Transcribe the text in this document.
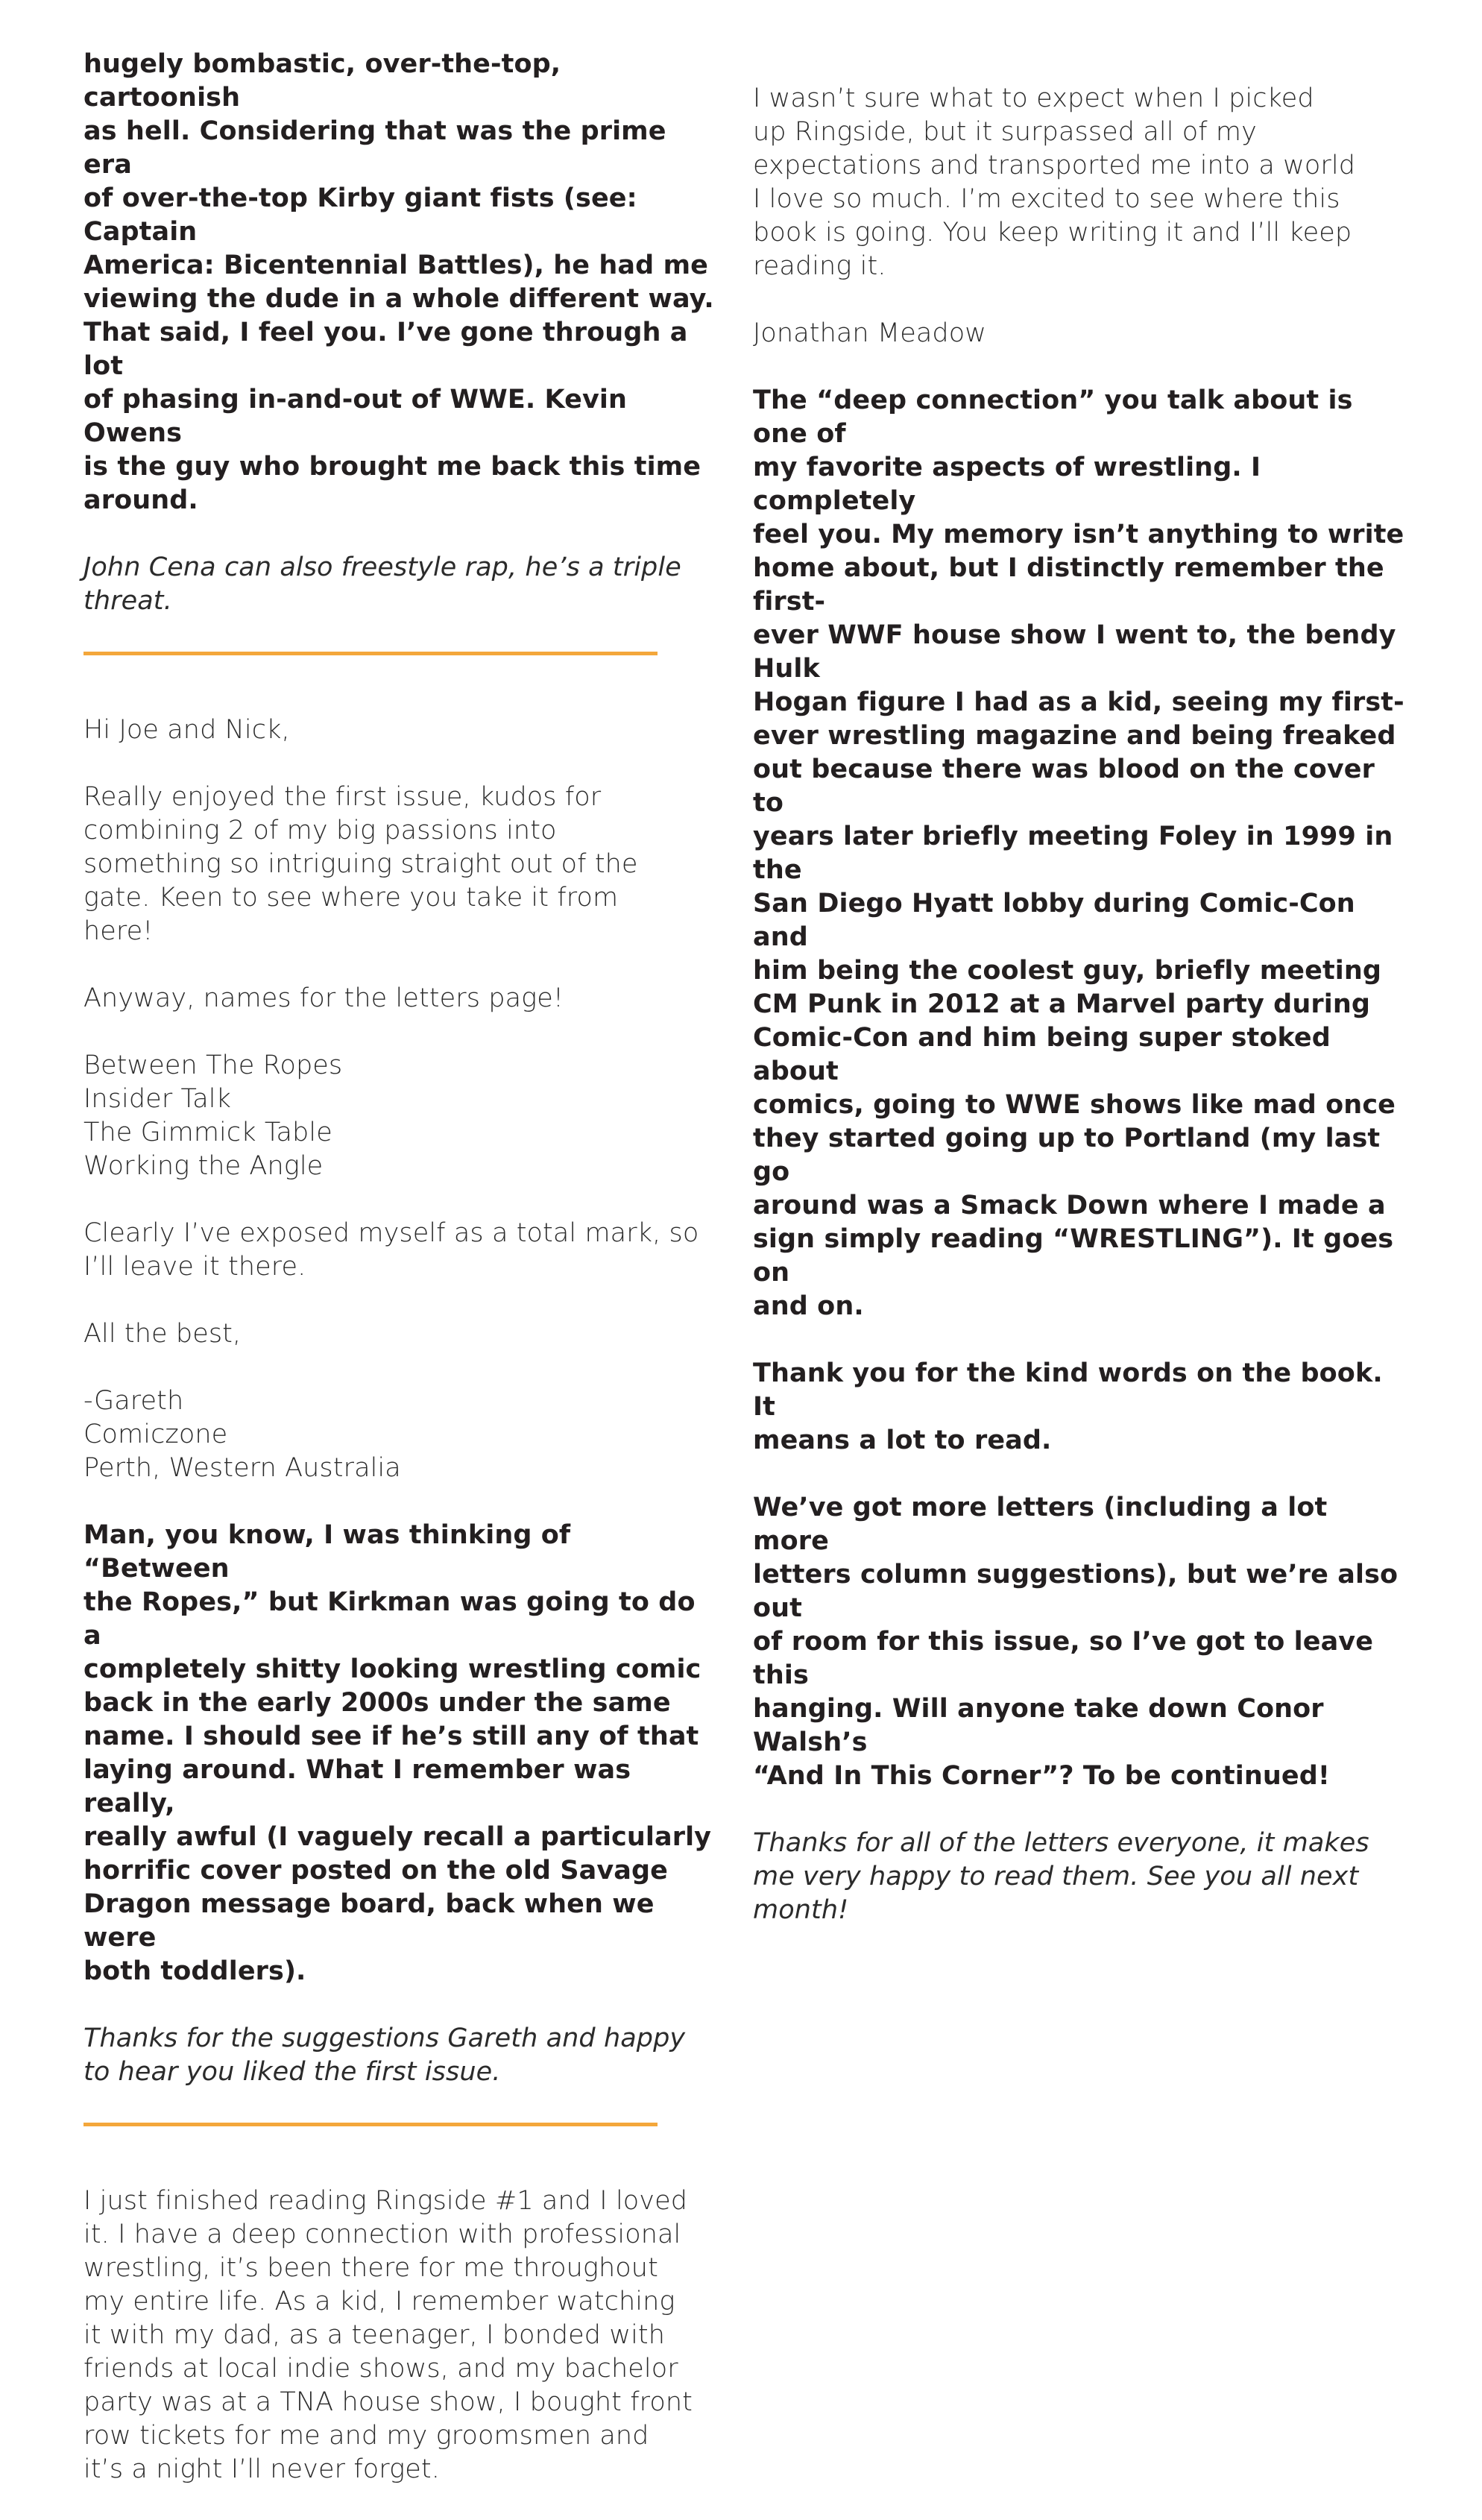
hugely bombastic, over-the-top, cartoonish
as hell. Considering that was the prime era
of over-the-top Kirby giant fists (see: Captain
America: Bicentennial Battles), he had me
viewing the dude in a whole different way.
That said, I feel you. I’ve gone through a lot
of phasing in-and-out of WWE. Kevin Owens
is the guy who brought me back this time
around.

John Cena can also freestyle rap, he’s a triple
threat.

Hi Joe and Nick,

Really enjoyed the first issue, kudos for
combining 2 of my big passions into
something so intriguing straight out of the
gate. Keen to see where you take it from
here!

Anyway, names for the letters page!

Between The Ropes
Insider Talk
The Gimmick Table
Working the Angle

Clearly I’ve exposed myself as a total mark, so
I’ll leave it there.

All the best,

-Gareth
Comiczone
Perth, Western Australia

Man, you know, I was thinking of “Between
the Ropes,” but Kirkman was going to do a
completely shitty looking wrestling comic
back in the early 2000s under the same
name. I should see if he’s still any of that
laying around. What I remember was really,
really awful (I vaguely recall a particularly
horrific cover posted on the old Savage
Dragon message board, back when we were
both toddlers).

Thanks for the suggestions Gareth and happy
to hear you liked the first issue.

I just finished reading Ringside #1 and I loved
it. I have a deep connection with professional
wrestling, it’s been there for me throughout
my entire life. As a kid, I remember watching
it with my dad, as a teenager, I bonded with
friends at local indie shows, and my bachelor
party was at a TNA house show, I bought front
row tickets for me and my groomsmen and
it’s a night I’ll never forget.

I wasn’t sure what to expect when I picked
up Ringside, but it surpassed all of my
expectations and transported me into a world
I love so much. I’m excited to see where this
book is going. You keep writing it and I’ll keep
reading it.

Jonathan Meadow

The “deep connection” you talk about is one of
my favorite aspects of wrestling. I completely
feel you. My memory isn’t anything to write
home about, but I distinctly remember the first-
ever WWF house show I went to, the bendy Hulk
Hogan figure I had as a kid, seeing my first-
ever wrestling magazine and being freaked
out because there was blood on the cover to
years later briefly meeting Foley in 1999 in the
San Diego Hyatt lobby during Comic-Con and
him being the coolest guy, briefly meeting
CM Punk in 2012 at a Marvel party during
Comic-Con and him being super stoked about
comics, going to WWE shows like mad once
they started going up to Portland (my last go
around was a Smack Down where I made a
sign simply reading “WRESTLING”). It goes on
and on.

Thank you for the kind words on the book. It
means a lot to read.

We’ve got more letters (including a lot more
letters column suggestions), but we’re also out
of room for this issue, so I’ve got to leave this
hanging. Will anyone take down Conor Walsh’s
“And In This Corner”? To be continued!

Thanks for all of the letters everyone, it makes
me very happy to read them. See you all next
month!
